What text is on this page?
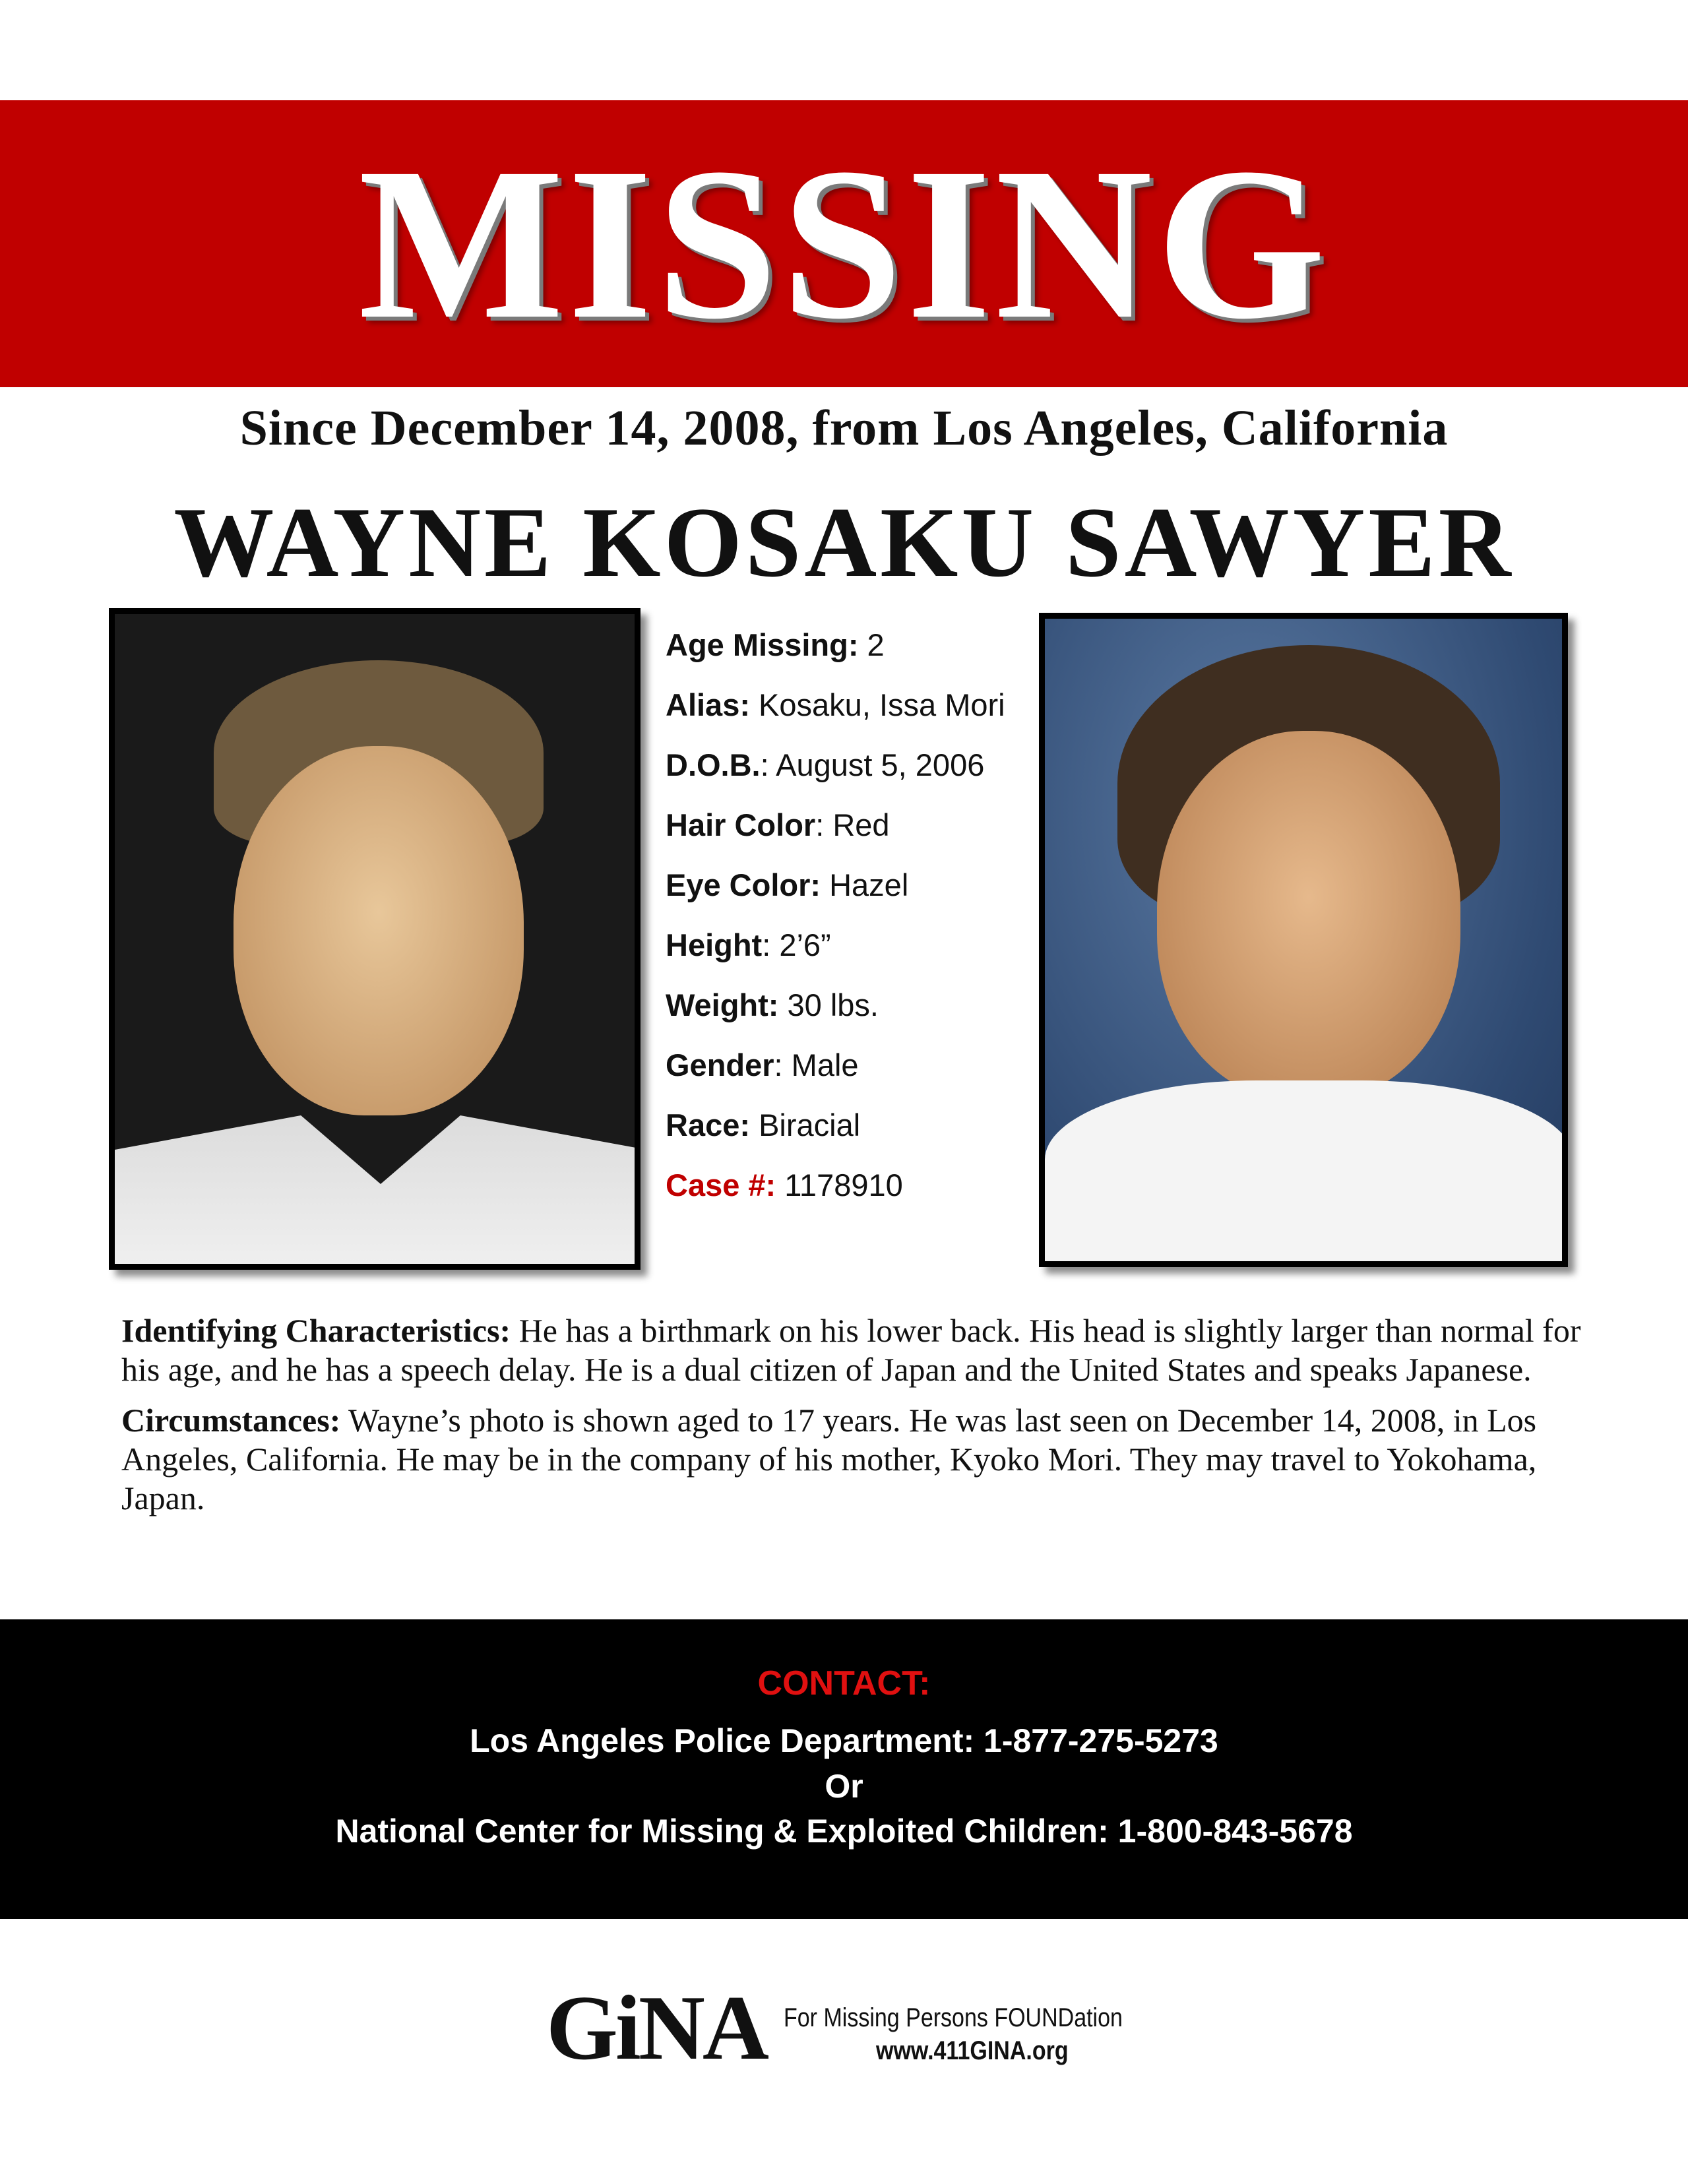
MISSING
Since December 14, 2008, from Los Angeles, California
WAYNE KOSAKU SAWYER
Age Missing: 2
Alias: Kosaku, Issa Mori
D.O.B.: August 5, 2006
Hair Color: Red
Eye Color: Hazel
Height: 2’6”
Weight: 30 lbs.
Gender: Male
Race: Biracial
Case #: 1178910

Identifying Characteristics: He has a birthmark on his lower back. His head is slightly larger than normal for his age, and he has a speech delay. He is a dual citizen of Japan and the United States and speaks Japanese.

Circumstances: Wayne’s photo is shown aged to 17 years. He was last seen on December 14, 2008, in Los Angeles, California. He may be in the company of his mother, Kyoko Mori. They may travel to Yokohama, Japan.

CONTACT:
Los Angeles Police Department: 1-877-275-5273
Or
National Center for Missing & Exploited Children: 1-800-843-5678
GiNA For Missing Persons FOUNDation
www.411GINA.org
